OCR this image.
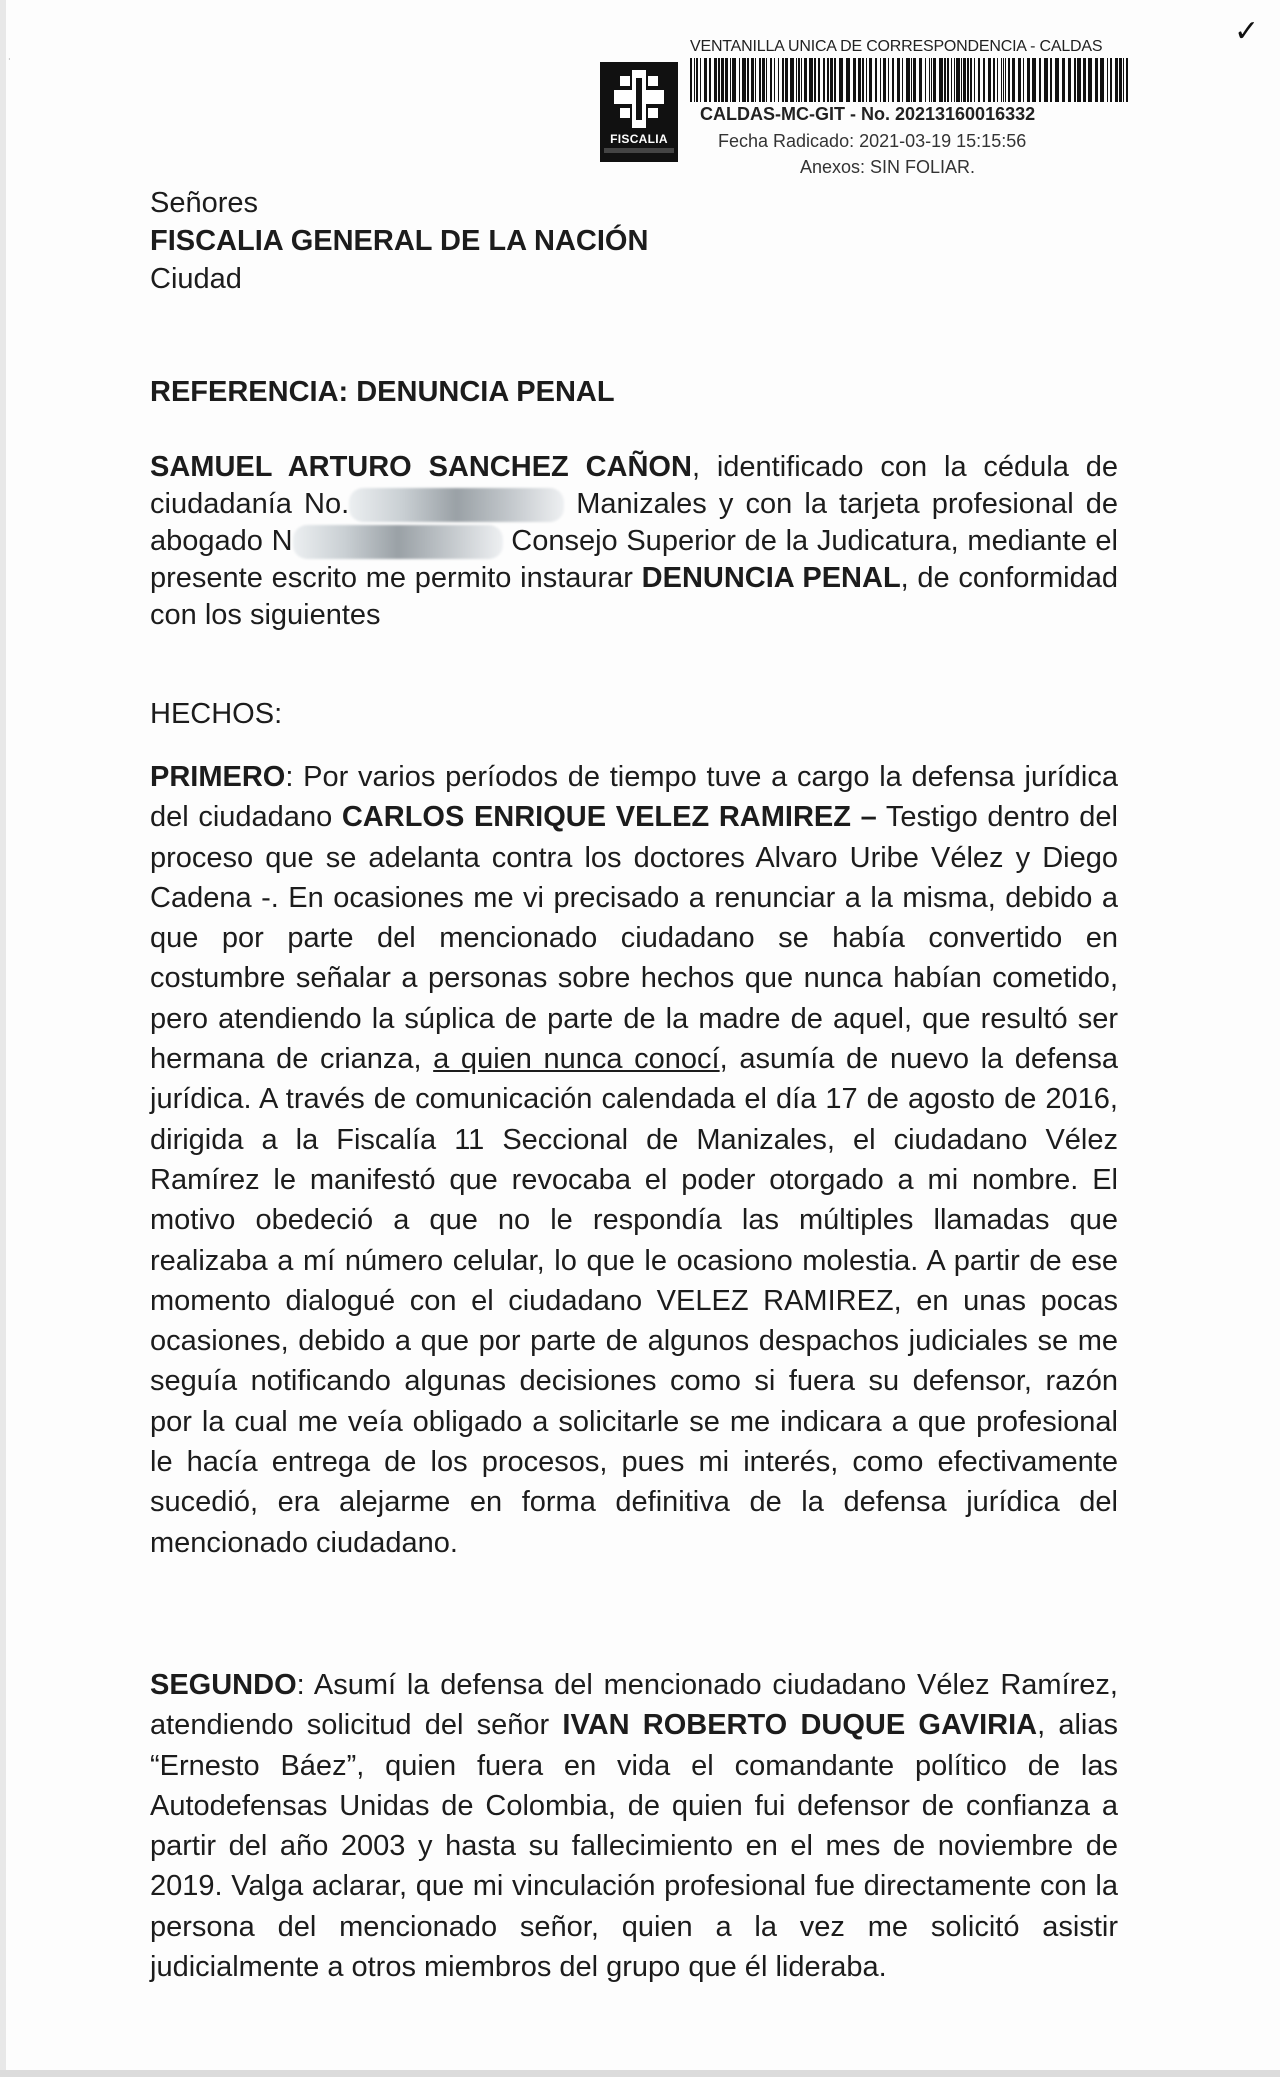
˙
✓
FISCALIA
VENTANILLA UNICA DE CORRESPONDENCIA - CALDAS
CALDAS-MC-GIT - No. 20213160016332
Fecha Radicado: 2021-03-19 15:15:56
Anexos: SIN FOLIAR.
Señores
FISCALIA GENERAL DE LA NACIÓN
Ciudad
REFERENCIA: DENUNCIA PENAL
SAMUEL ARTURO SANCHEZ CAÑON, identificado con la cédula de ciudadanía No.	Manizales y con la tarjeta profesional de abogado N	Consejo Superior de la Judicatura, mediante el presente escrito me permito instaurar DENUNCIA PENAL, de conformidad con los siguientes
HECHOS:
PRIMERO: Por varios períodos de tiempo tuve a cargo la defensa jurídica del ciudadano CARLOS ENRIQUE VELEZ RAMIREZ – Testigo dentro del proceso que se adelanta contra los doctores Alvaro Uribe Vélez y Diego Cadena -. En ocasiones me vi precisado a renunciar a la misma, debido a que por parte del mencionado ciudadano se había convertido en costumbre señalar a personas sobre hechos que nunca habían cometido, pero atendiendo la súplica de parte de la madre de aquel, que resultó ser hermana de crianza, a quien nunca conocí, asumía de nuevo la defensa jurídica. A través de comunicación calendada el día 17 de agosto de 2016, dirigida a la Fiscalía 11 Seccional de Manizales, el ciudadano Vélez Ramírez le manifestó que revocaba el poder otorgado a mi nombre. El motivo obedeció a que no le respondía las múltiples llamadas que realizaba a mí número celular, lo que le ocasiono molestia. A partir de ese momento dialogué con el ciudadano VELEZ RAMIREZ, en unas pocas ocasiones, debido a que por parte de algunos despachos judiciales se me seguía notificando algunas decisiones como si fuera su defensor, razón por la cual me veía obligado a solicitarle se me indicara a que profesional le hacía entrega de los procesos, pues mi interés, como efectivamente sucedió, era alejarme en forma definitiva de la defensa jurídica del mencionado ciudadano.
SEGUNDO: Asumí la defensa del mencionado ciudadano Vélez Ramírez, atendiendo solicitud del señor IVAN ROBERTO DUQUE GAVIRIA, alias “Ernesto Báez”, quien fuera en vida el comandante político de las Autodefensas Unidas de Colombia, de quien fui defensor de confianza a partir del año 2003 y hasta su fallecimiento en el mes de noviembre de 2019. Valga aclarar, que mi vinculación profesional fue directamente con la persona del mencionado señor, quien a la vez me solicitó asistir judicialmente a otros miembros del grupo que él lideraba.
